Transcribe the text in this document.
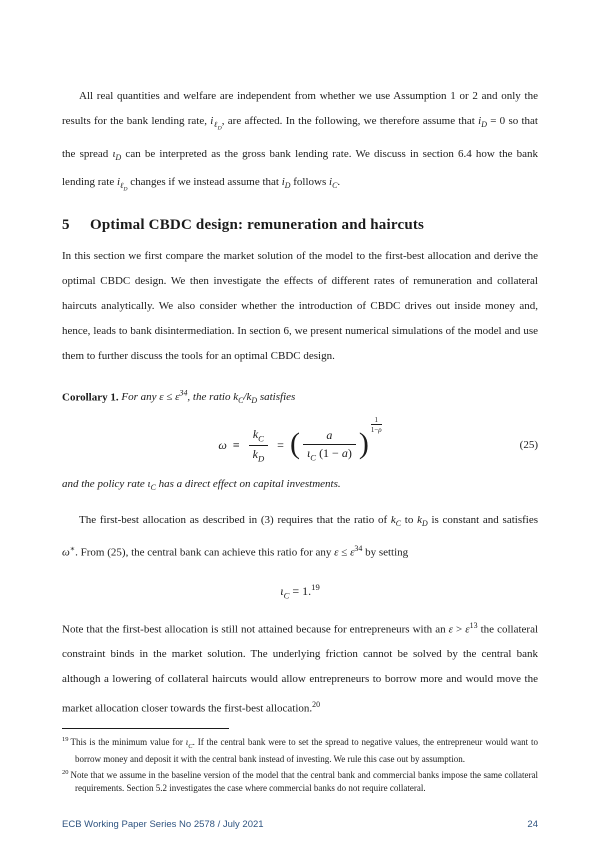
All real quantities and welfare are independent from whether we use Assumption 1 or 2 and only the results for the bank lending rate, $i_{\ell_D}$, are affected. In the following, we therefore assume that $i_D = 0$ so that the spread $\iota_D$ can be interpreted as the gross bank lending rate. We discuss in section 6.4 how the bank lending rate $i_{\ell_D}$ changes if we instead assume that $i_D$ follows $i_C$.

5	Optimal CBDC design: remuneration and haircuts

In this section we first compare the market solution of the model to the first-best allocation and derive the optimal CBDC design. We then investigate the effects of different rates of remuneration and collateral haircuts analytically. We also consider whether the introduction of CBDC drives out inside money and, hence, leads to bank disintermediation. In section 6, we present numerical simulations of the model and use them to further discuss the tools for an optimal CBDC design.

Corollary 1. For any $\varepsilon \le \varepsilon^{34}$, the ratio $k_C/k_D$ satisfies

$\omega \equiv \frac{k_C}{k_D}$ = ( $\frac{a}{\iota_C (1 - a)}$ )
$\frac{1}{1-\rho}$
(25)

and the policy rate $\iota_C$ has a direct effect on capital investments.

The first-best allocation as described in (3) requires that the ratio of $k_C$ to $k_D$ is constant and satisfies ω∗. From (25), the central bank can achieve this ratio for any $\varepsilon \le \varepsilon^{34}$ by setting

$\iota_C = 1.19$

Note that the first-best allocation is still not attained because for entrepreneurs with an $\varepsilon > \varepsilon^{13}$ the collateral constraint binds in the market solution. The underlying friction cannot be solved by the central bank although a lowering of collateral haircuts would allow entrepreneurs to borrow more and would move the market allocation closer towards the first-best allocation.$^{20}$

$^{19}$ This is the minimum value for $\iota_C$. If the central bank were to set the spread to negative values, the entrepreneur would want to borrow money and deposit it with the central bank instead of investing. We rule this case out by assumption.
$^{20}$ Note that we assume in the baseline version of the model that the central bank and commercial banks impose the same collateral requirements. Section 5.2 investigates the case where commercial banks do not require collateral.
ECB Working Paper Series No 2578 / July 2021	24
